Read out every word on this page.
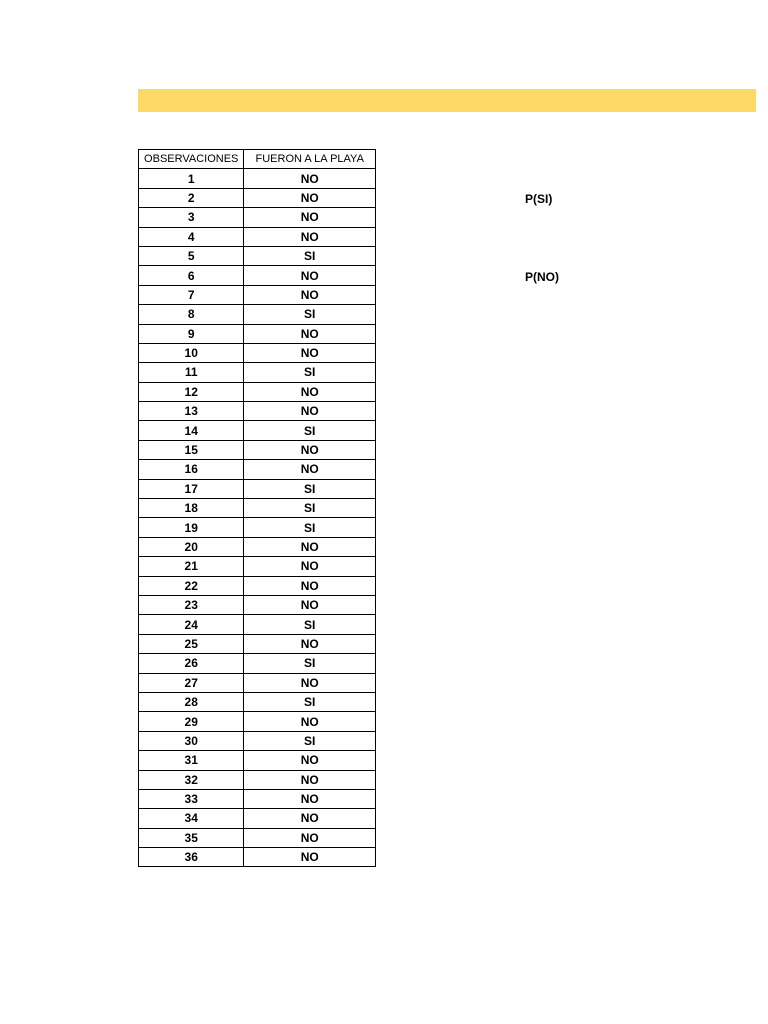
OBSERVACIONES	FUERON A LA PLAYA
1	NO
2	NO
3	NO
4	NO
5	SI
6	NO
7	NO
8	SI
9	NO
10	NO
11	SI
12	NO
13	NO
14	SI
15	NO
16	NO
17	SI
18	SI
19	SI
20	NO
21	NO
22	NO
23	NO
24	SI
25	NO
26	SI
27	NO
28	SI
29	NO
30	SI
31	NO
32	NO
33	NO
34	NO
35	NO
36	NO
P(SI)
P(NO)
